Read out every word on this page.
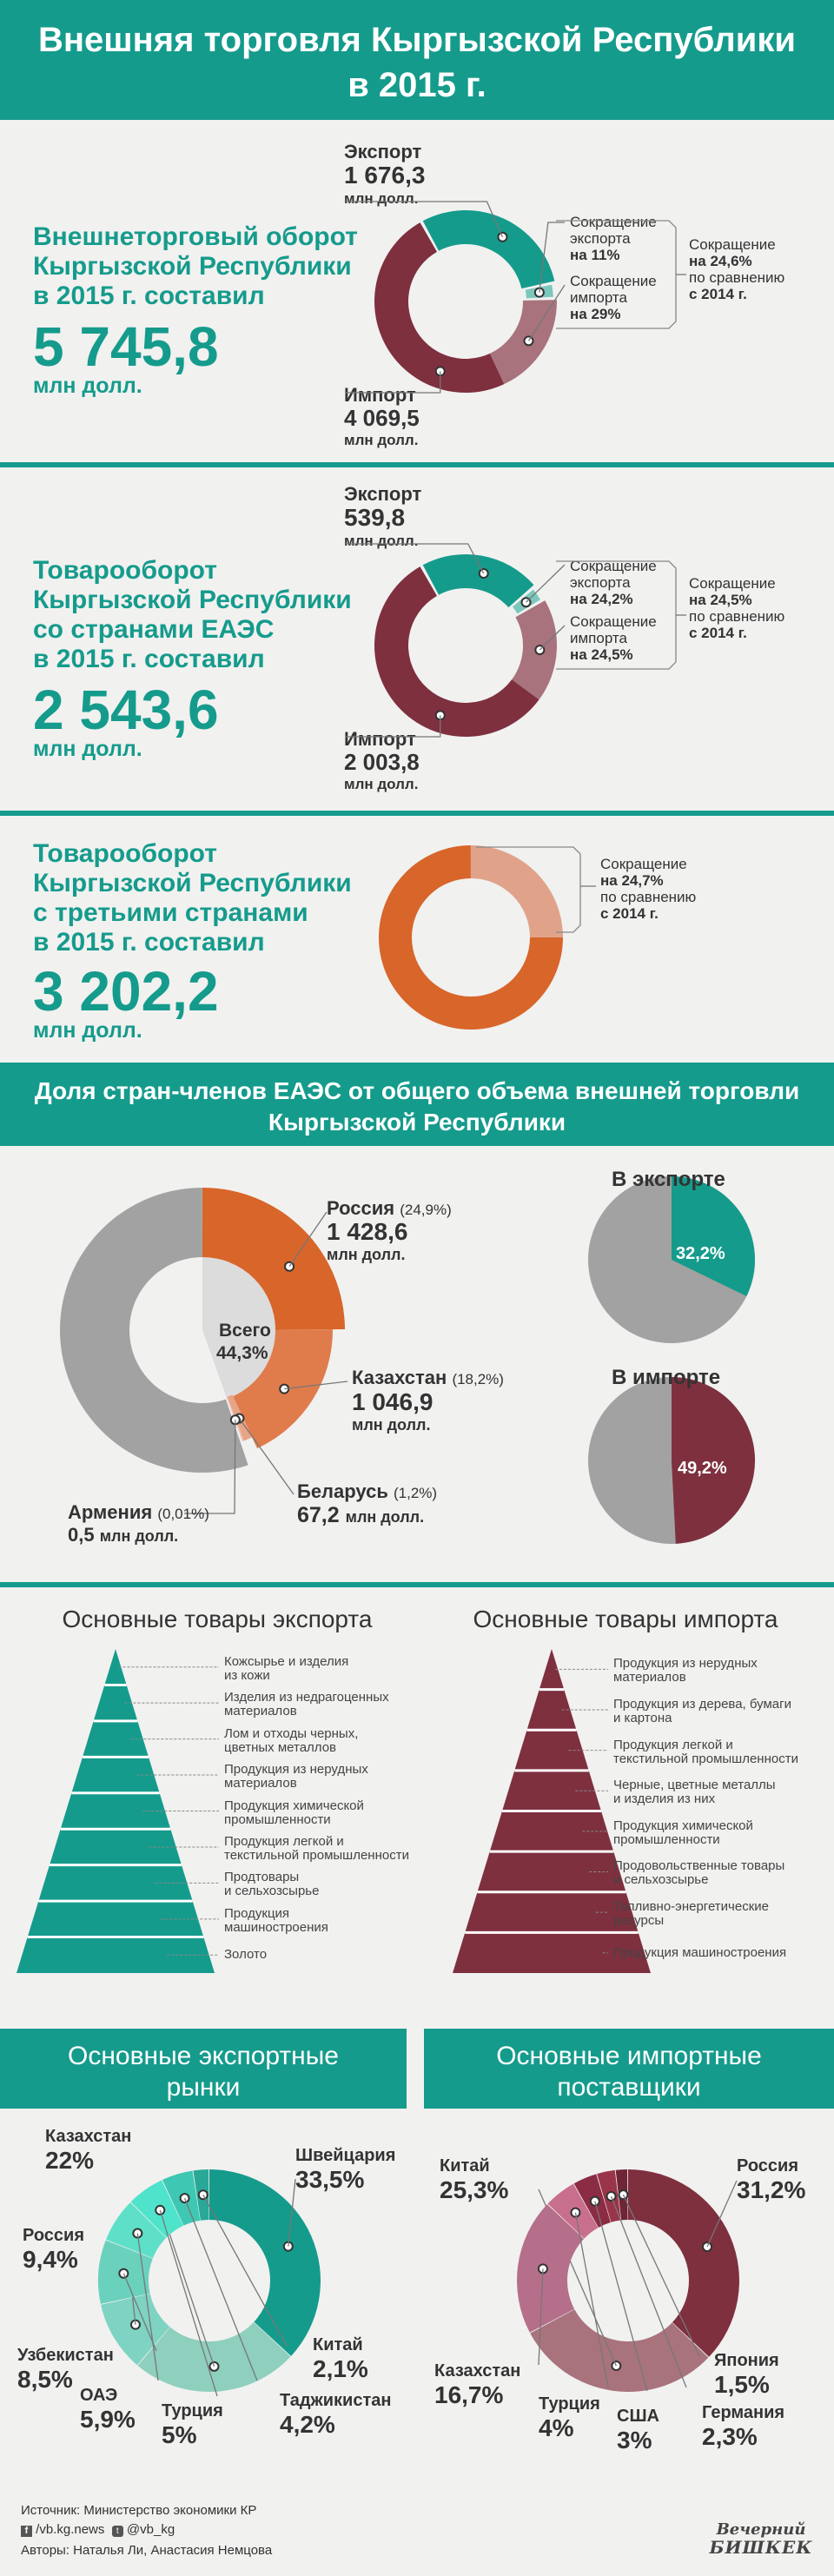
Внешняя торговля Кыргызской Республики
в 2015 г.
Внешнеторговый оборот
Кыргызской Республики
в 2015 г. составил
5 745,8
млн долл.
Экспорт
1 676,3
млн долл.
Импорт
4 069,5
млн долл.
Сокращение
экспорта
на 11%
Сокращение
импорта
на 29%
Сокращение
на 24,6%
по сравнению
с 2014 г.
Товарооборот
Кыргызской Республики
со странами ЕАЭС
в 2015 г. составил
2 543,6
млн долл.
Экспорт
539,8
млн долл.
Импорт
2 003,8
млн долл.
Сокращение
экспорта
на 24,2%
Сокращение
импорта
на 24,5%
Сокращение
на 24,5%
по сравнению
с 2014 г.
Товарооборот
Кыргызской Республики
с третьими странами
в 2015 г. составил
3 202,2
млн долл.
Сокращение
на 24,7%
по сравнению
с 2014 г.
Доля стран-членов ЕАЭС от общего объема внешней торговли
Кыргызской Республики
Всего
44,3%
Россия (24,9%)
1 428,6
млн долл.
Казахстан (18,2%)
1 046,9
млн долл.
Беларусь (1,2%)
67,2 млн долл.
Армения (0,01%)
0,5 млн долл.
В экспорте
В импорте
32,2%
49,2%
Основные товары экспорта	Основные товары импорта
Кожсырье и изделия
из кожи
Изделия из недрагоценных
материалов
Лом и отходы черных,
цветных металлов
Продукция из нерудных
материалов
Продукция химической
промышленности
Продукция легкой и
текстильной промышленности
Продтовары
и сельхозсырье
Продукция
машиностроения
Золото
Продукция из нерудных
материалов
Продукция из дерева, бумаги
и картона
Продукция легкой и
текстильной промышленности
Черные, цветные металлы
и изделия из них
Продукция химической
промышленности
Продовольственные товары
и сельхозсырье
Топливно-энергетические
ресурсы
Продукция машиностроения
Основные экспортные
рынки
Основные импортные
поставщики
Швейцария
33,5%
Казахстан
22%
Россия
9,4%
Узбекистан
8,5%
ОАЭ
5,9% Турция
5%
Таджикистан
4,2%
Китай
2,1%
Россия
31,2%
Китай
25,3%
Казахстан
16,7%	Турция
4%	США
3%
Германия
2,3%
Япония
1,5%
Источник: Министерство экономики КР
f /vb.kg.news t @vb_kg
Авторы: Наталья Ли, Анастасия Немцова
Вечерний
БИШКЕК
